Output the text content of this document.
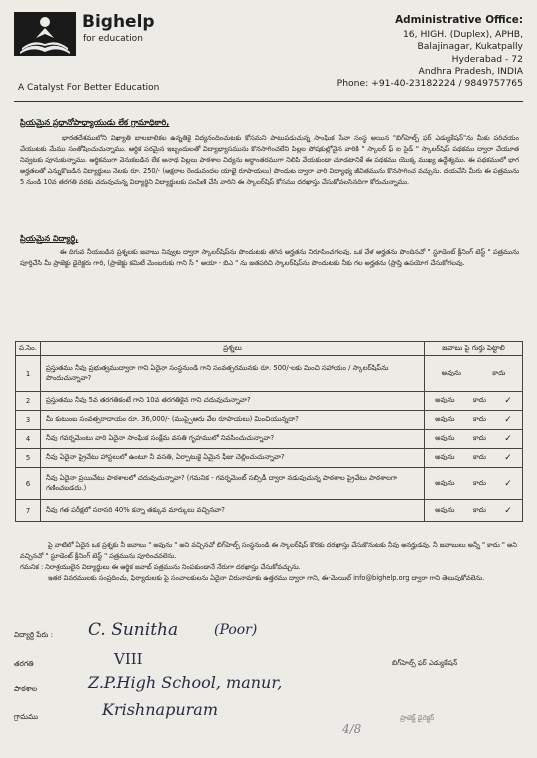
Bighelp
for education
A Catalyst For Better Education
Administrative Office:
16, HIGH. (Duplex), APHB,
Balajinagar, Kukatpally
Hyderabad - 72
Andhra Pradesh, INDIA
Phone: +91-40-23182224 / 9849757765
ప్రియమైన ప్రధానోపాధ్యాయుడు లేక గ్రామాధికారి,
భారతదేశములోని విఖ్యాతి బాలబాలికల ఉన్నతికై విద్యనందించుటకు కోసమని పాటుపడుచున్న సాంఘిక సేవా సంస్థ అయిన "బిగ్‌హెల్ప్ ఫర్ ఎడ్యుకేషన్"ను మీకు పరిచయం చేయుటకు మేము సంతోషించుచున్నాము. ఆర్థిక పరమైన ఇబ్బందులతో విద్యాభ్యాసమును కొనసాగించలేని పిల్లల పోషకుల్లోనైన వారికి " స్కాలర్ ఫ్ ఐ సైడ్ " స్కాలర్‌షిప్ పథకము ద్వారా చేయూత నివ్వటకు పూనుకున్నాము. ఆర్థికముగా వెనుకబడిన లేక అనాథ పిల్లలు పాఠశాల విద్యను అర్థాంతరముగా నిలిపి వేయకుండా చూడటానికే ఈ పథకము యొక్క ముఖ్య ఉద్దేశ్యము. ఈ పథకములో భాగ అర్హతలతో ఎన్నుకొబడిన విద్యార్థులు నెలకు రూ. 250/- (అక్షరాల రెండువందల యాభై రూపాయలు) పొందుట ద్వారా వారి విద్యాభ్య జీవితమును కొనసాగించ వచ్చును. దయచేసి మీరు ఈ పత్రమును 5 నుండి 10వ తరగతి వరకు చదువుచున్న విద్యార్థిని విద్యార్థులకు పంపిణి చేసి వారిని ఈ స్కాలర్‌షిప్ కోసము దరఖాస్తు చేసుకోవలసినదిగా కోరుచున్నాము.
ప్రియమైన విద్యార్థి,
ఈ దిగువ నీయబడిన ప్రశ్నలకు జవాబు నివ్వుట ద్వారా స్కాలర్‌షిప్‌ను పొందుటకు తగిన అర్హతను నిరూపించగలవు. ఒక వేళ అర్హతను పొందినచో " స్టూడెంట్ క్రీనింగ్ టెస్ట్ " పత్రమును పూర్తిచేసి మీ ప్రాజెక్టు డైరెక్టరు గారి, (ప్రాజెక్టు కమిటీ మెంబరుకు గాని సీ " అయా - బిఎ " ను జతపరిచి స్కాలర్‌షిప్‌ను పొందుటకు నీకు గల అర్హతను (ప్రాప్తి ఉపయోగ చేసుకోగలవు.
ప.సెం.	ప్రశ్నలు	జవాబు పై గుర్తు పెట్టాలి
1	ప్రస్తుతము నీవు ప్రభుత్వముద్వారా గాని ఏదైనా సంస్థనుండి గాని సంవత్సరమునకు రూ. 500/-లకు మించి సహాయం / స్కాలర్‌షిప్‌ను పొందుచున్నావా?	అవును కాదు

2	ప్రస్తుతము నీవు 5వ తరగతికంటే గాని 10వ తరగతికైన గాని చదువుచున్నావా?	అవును కాదు ✓

3	మీ కుటుంబ సంవత్సరాదాయం రూ. 36,000/- (ముప్పైఆరు వేల రూపాయలు) మించియున్నదా?	అవును కాదు ✓

4	నీవు గవర్నమెంటు వారి ఏదైనా సాంఘిక సంక్షేమ వసతి గృహములో నివసించుచున్నావా?	అవును కాదు ✓

5	నీవు ఏదైనా ప్రైవేటు హాస్టలులో ఉంటూ నీ వసతి, ఏర్పాటుకై ఏమైన ఫీజు చెల్లించుచున్నావా?	అవును కాదు ✓

6	నీవు ఏదైనా ప్రయివేటు పాఠశాలలో చదువుచున్నావా? (గమనిక - గవర్నమెంట్ సబ్సిడీ ద్వారా నడుపుచున్న పాఠశాల ప్రైవేటు పాఠశాలగా గణించబడదు.)	అవును కాదు ✓

7	నీవు గత పరీక్షలో సరాసరి 40% కన్నా తక్కువ మార్కులు వచ్చినవా?	అవును కాదు ✓
పై వాటిలో ఏదైన ఒక ప్రశ్నకు నీ జవాబు " అవును " అని వచ్చినచో బిగ్‌హెల్ప్ సంస్థనుండి ఈ స్కాలర్‌షిప్ కొరకు దరఖాస్తు చేసుకొనుటకు నీవు అనర్హుడవు. నీ జవాబులు అన్నీ " కాదు " అని వచ్చినచో " స్టూడెంట్ క్రీనింగ్ టెస్ట్ " పత్రమును పూరించవలెను.
గమనిక : నిరాశ్రయులైన విద్యార్థులు ఈ ఆర్థిక జవాబ్ పత్రమును నింపకుండానే నేరుగా దరఖాస్తు చేసుకోవచ్చును.
ఇతర వివరములకు సంప్రదించు, ఫిర్యాదులకు పై సంచాలకులను ఏదైనా చిరునామాకు ఉత్తరము ద్వారా గాని, ఈ-మెయిల్ info@bighelp.org ద్వారా గాని తెలుపుకోవలెను.
విద్యార్థి పేరు : C. Sunitha	(Poor)
తరగతి	VIII
పాఠశాల	Z.P.High School, manur,
గ్రామము	Krishnapuram
బిగ్‌హెల్ప్ ఫర్ ఎడ్యుకేషన్
ప్రాజెక్ట్ డైరెక్టర్
4/8
